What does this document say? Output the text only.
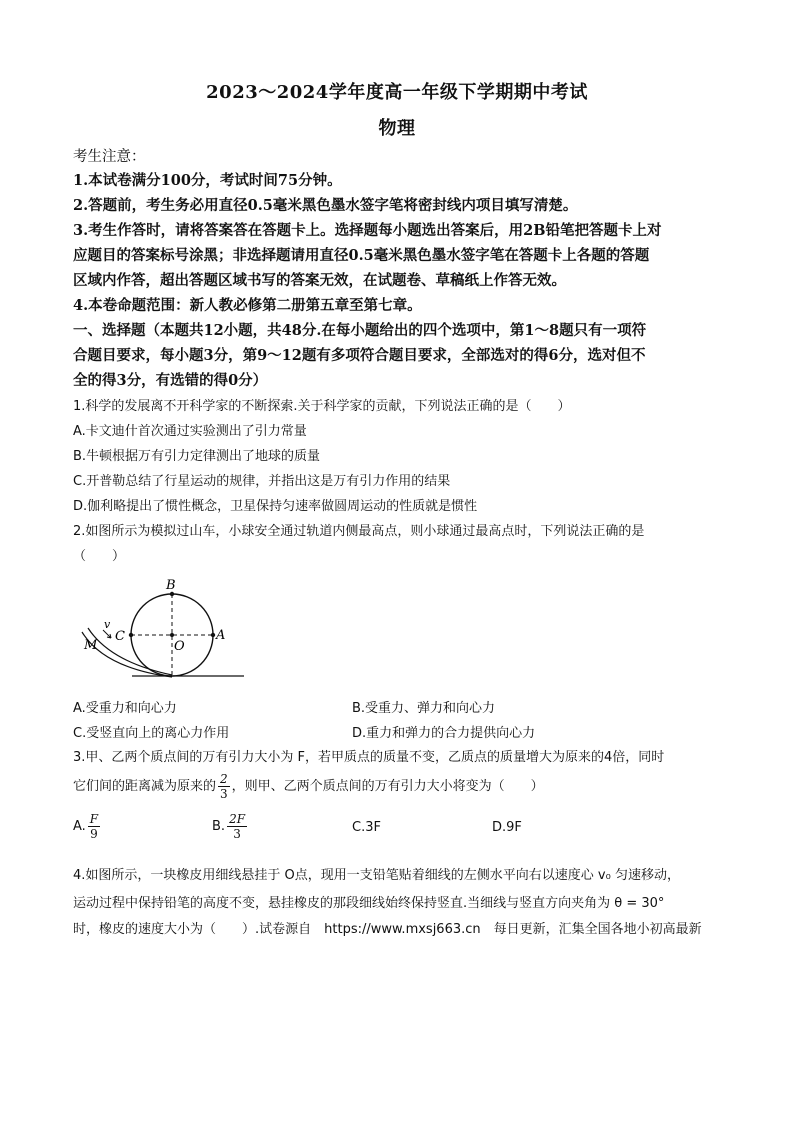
2023～2024学年度高一年级下学期期中考试
物理
考生注意：
1.本试卷满分100分，考试时间75分钟。
2.答题前，考生务必用直径0.5毫米黑色墨水签字笔将密封线内项目填写清楚。
3.考生作答时，请将答案答在答题卡上。选择题每小题选出答案后，用2B铅笔把答题卡上对
应题目的答案标号涂黑；非选择题请用直径0.5毫米黑色墨水签字笔在答题卡上各题的答题
区域内作答，超出答题区域书写的答案无效，在试题卷、草稿纸上作答无效。
4.本卷命题范围：新人教必修第二册第五章至第七章。
一、选择题（本题共12小题，共48分.在每小题给出的四个选项中，第1～8题只有一项符
合题目要求，每小题3分，第9～12题有多项符合题目要求，全部选对的得6分，选对但不
全的得3分，有选错的得0分）
1.科学的发展离不开科学家的不断探索.关于科学家的贡献，下列说法正确的是（　　）
A.卡文迪什首次通过实验测出了引力常量
B.牛顿根据万有引力定律测出了地球的质量
C.开普勒总结了行星运动的规律，并指出这是万有引力作用的结果
D.伽利略提出了惯性概念，卫星保持匀速率做圆周运动的性质就是惯性
2.如图所示为模拟过山车，小球安全通过轨道内侧最高点，则小球通过最高点时，下列说法正确的是
（　　）
B
C
O
A
M
v
A.受重力和向心力	B.受重力、弹力和向心力
C.受竖直向上的离心力作用	D.重力和弹力的合力提供向心力
3.甲、乙两个质点间的万有引力大小为 F，若甲质点的质量不变，乙质点的质量增大为原来的4倍，同时
它们间的距离减为原来的 $\frac{2}{3}$ ，则甲、乙两个质点间的万有引力大小将变为（　　）
A. $\frac{F}{9}$	B. $\frac{2F}{3}$	C.3F	D.9F
4.如图所示，一块橡皮用细线悬挂于 O点，现用一支铅笔贴着细线的左侧水平向右以速度心 v₀ 匀速移动，
运动过程中保持铅笔的高度不变，悬挂橡皮的那段细线始终保持竖直.当细线与竖直方向夹角为 θ = 30°
时，橡皮的速度大小为（　　）.试卷源自　https://www.mxsj663.cn　每日更新，汇集全国各地小初高最新
